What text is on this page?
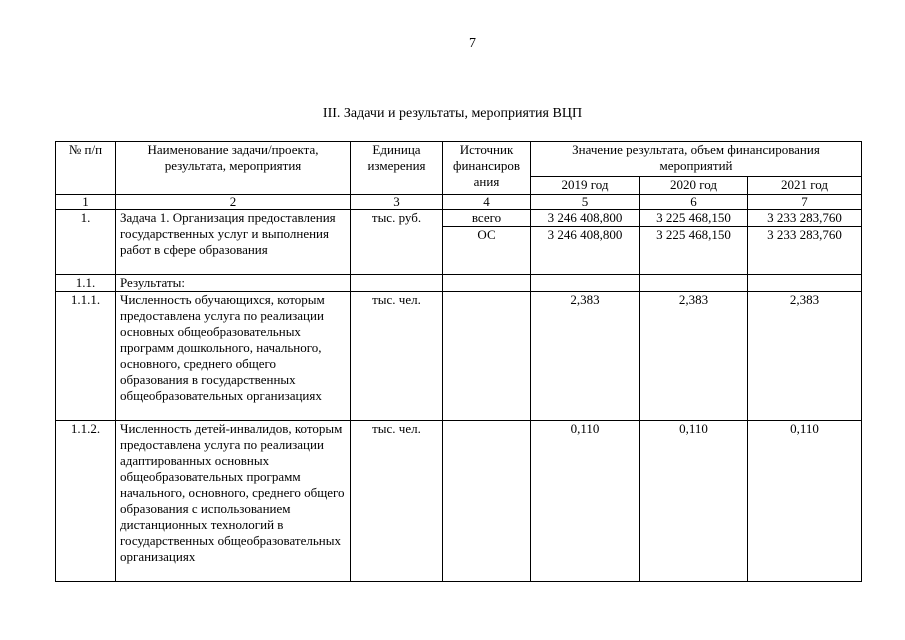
7
III. Задачи и результаты, мероприятия ВЦП
№ п/п	Наименование задачи/проекта, результата, мероприятия	Единица измерения	Источник финансиров ания	Значение результата, объем финансирования мероприятий		
				2019 год	2020 год	2021 год
1	2	3	4	5	6	7
1.	Задача 1. Организация предоставления государственных услуг и выполнения работ в сфере образования	тыс. руб.	всего	3 246 408,800	3 225 468,150	3 233 283,760
			ОС	3 246 408,800	3 225 468,150	3 233 283,760
1.1.	Результаты:					
1.1.1.	Численность обучающихся, которым предоставлена услуга по реализации основных общеобразовательных программ дошкольного, начального, основного, среднего общего образования в государственных общеобразовательных организациях	тыс. чел.		2,383	2,383	2,383
1.1.2.	Численность детей-инвалидов, которым предоставлена услуга по реализации адаптированных основных общеобразовательных программ начального, основного, среднего общего образования с использованием дистанционных технологий в государственных общеобразовательных организациях	тыс. чел.		0,110	0,110	0,110
